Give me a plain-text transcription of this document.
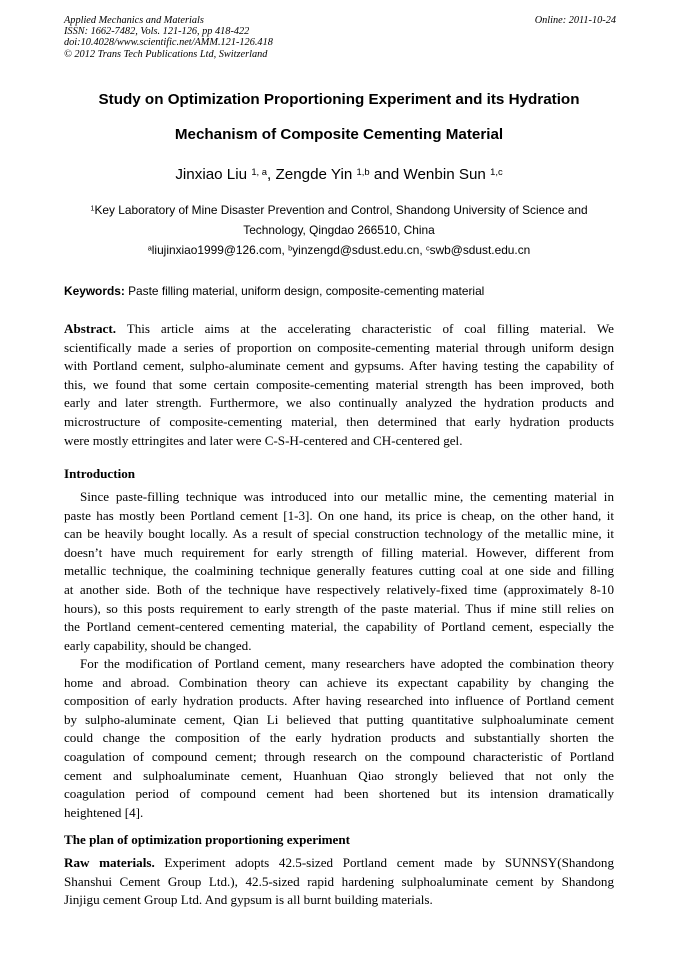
Applied Mechanics and Materials
ISSN: 1662-7482, Vols. 121-126, pp 418-422
doi:10.4028/www.scientific.net/AMM.121-126.418
© 2012 Trans Tech Publications Ltd, Switzerland
Online: 2011-10-24
Study on Optimization Proportioning Experiment and its Hydration
Mechanism of Composite Cementing Material
Jinxiao Liu $^{1, a}$, Zengde Yin $^{1,b}$ and Wenbin Sun $^{1,c}$
$^1$Key Laboratory of Mine Disaster Prevention and Control, Shandong University of Science and Technology, Qingdao 266510, China
$^a$liujinxiao1999@126.com, $^b$yinzengd@sdust.edu.cn, $^c$swb@sdust.edu.cn
Keywords: Paste filling material, uniform design, composite-cementing material
Abstract. This article aims at the accelerating characteristic of coal filling material. We
scientifically made a series of proportion on composite-cementing material through uniform design
with Portland cement, sulpho-aluminate cement and gypsums. After having testing the capability of
this, we found that some certain composite-cementing material strength has been improved, both
early and later strength. Furthermore, we also continually analyzed the hydration products and
microstructure of composite-cementing material, then determined that early hydration products
were mostly ettringites and later were C-S-H-centered and CH-centered gel.
Introduction
Since paste-filling technique was introduced into our metallic mine, the cementing material in
paste has mostly been Portland cement [1-3]. On one hand, its price is cheap, on the other hand, it
can be heavily bought locally. As a result of special construction technology of the metallic mine, it
doesn’t have much requirement for early strength of filling material. However, different from
metallic technique, the coalmining technique generally features cutting coal at one side and filling
at another side. Both of the technique have respectively relatively-fixed time (approximately 8-10
hours), so this posts requirement to early strength of the paste material. Thus if mine still relies on
the Portland cement-centered cementing material, the capability of Portland cement, especially the
early capability, should be changed.
For the modification of Portland cement, many researchers have adopted the combination theory
home and abroad. Combination theory can achieve its expectant capability by changing the
composition of early hydration products. After having researched into influence of Portland cement
by sulpho-aluminate cement, Qian Li believed that putting quantitative sulphoaluminate cement
could change the composition of the early hydration products and substantially shorten the
coagulation of compound cement; through research on the compound characteristic of Portland
cement and sulphoaluminate cement, Huanhuan Qiao strongly believed that not only the
coagulation period of compound cement had been shortened but its intension dramatically
heightened [4].
The plan of optimization proportioning experiment
Raw materials. Experiment adopts 42.5-sized Portland cement made by SUNNSY(Shandong
Shanshui Cement Group Ltd.), 42.5-sized rapid hardening sulphoaluminate cement by Shandong
Jinjigu cement Group Ltd. And gypsum is all burnt building materials.
